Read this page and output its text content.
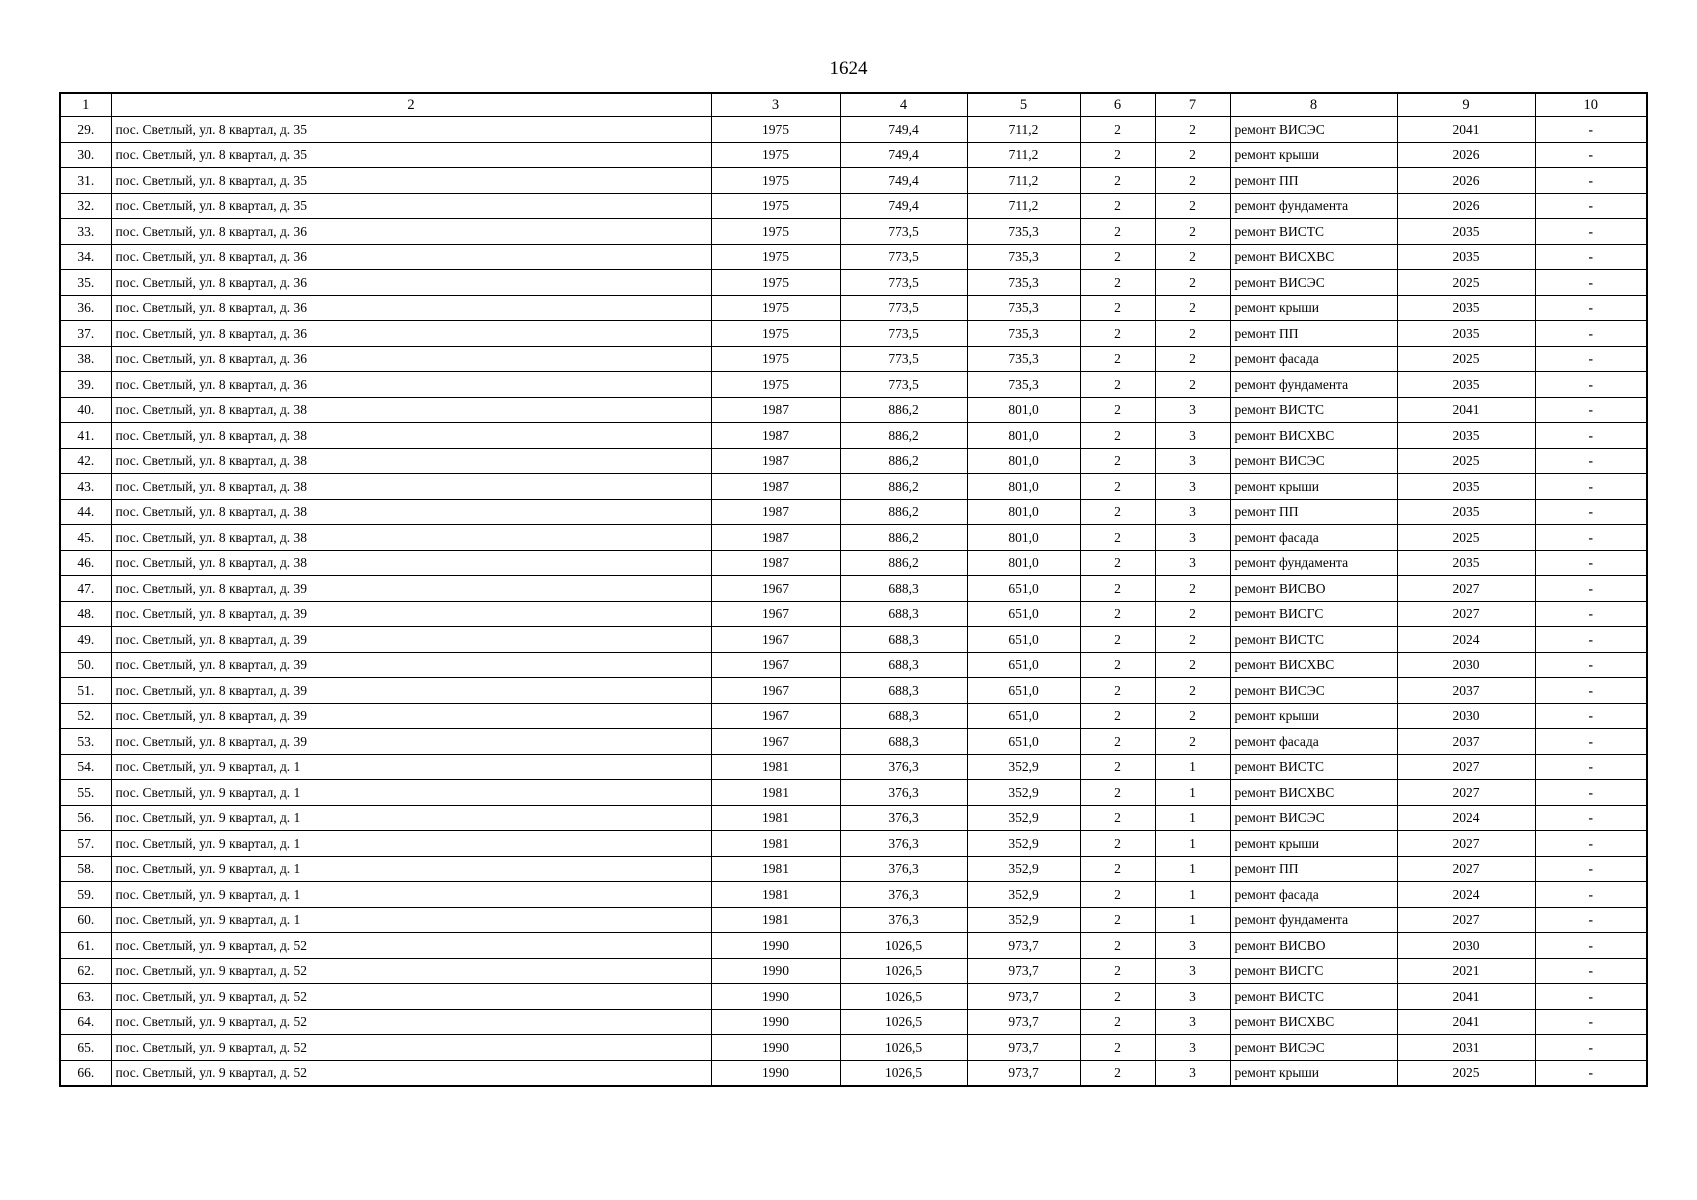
1624
1	2	3	4	5	6	7	8	9	10
29.	пос. Светлый, ул. 8 квартал, д. 35	1975	749,4	711,2	2	2	ремонт ВИСЭС	2041	-
30.	пос. Светлый, ул. 8 квартал, д. 35	1975	749,4	711,2	2	2	ремонт крыши	2026	-
31.	пос. Светлый, ул. 8 квартал, д. 35	1975	749,4	711,2	2	2	ремонт ПП	2026	-
32.	пос. Светлый, ул. 8 квартал, д. 35	1975	749,4	711,2	2	2	ремонт фундамента	2026	-
33.	пос. Светлый, ул. 8 квартал, д. 36	1975	773,5	735,3	2	2	ремонт ВИСТС	2035	-
34.	пос. Светлый, ул. 8 квартал, д. 36	1975	773,5	735,3	2	2	ремонт ВИСХВС	2035	-
35.	пос. Светлый, ул. 8 квартал, д. 36	1975	773,5	735,3	2	2	ремонт ВИСЭС	2025	-
36.	пос. Светлый, ул. 8 квартал, д. 36	1975	773,5	735,3	2	2	ремонт крыши	2035	-
37.	пос. Светлый, ул. 8 квартал, д. 36	1975	773,5	735,3	2	2	ремонт ПП	2035	-
38.	пос. Светлый, ул. 8 квартал, д. 36	1975	773,5	735,3	2	2	ремонт фасада	2025	-
39.	пос. Светлый, ул. 8 квартал, д. 36	1975	773,5	735,3	2	2	ремонт фундамента	2035	-
40.	пос. Светлый, ул. 8 квартал, д. 38	1987	886,2	801,0	2	3	ремонт ВИСТС	2041	-
41.	пос. Светлый, ул. 8 квартал, д. 38	1987	886,2	801,0	2	3	ремонт ВИСХВС	2035	-
42.	пос. Светлый, ул. 8 квартал, д. 38	1987	886,2	801,0	2	3	ремонт ВИСЭС	2025	-
43.	пос. Светлый, ул. 8 квартал, д. 38	1987	886,2	801,0	2	3	ремонт крыши	2035	-
44.	пос. Светлый, ул. 8 квартал, д. 38	1987	886,2	801,0	2	3	ремонт ПП	2035	-
45.	пос. Светлый, ул. 8 квартал, д. 38	1987	886,2	801,0	2	3	ремонт фасада	2025	-
46.	пос. Светлый, ул. 8 квартал, д. 38	1987	886,2	801,0	2	3	ремонт фундамента	2035	-
47.	пос. Светлый, ул. 8 квартал, д. 39	1967	688,3	651,0	2	2	ремонт ВИСВО	2027	-
48.	пос. Светлый, ул. 8 квартал, д. 39	1967	688,3	651,0	2	2	ремонт ВИСГС	2027	-
49.	пос. Светлый, ул. 8 квартал, д. 39	1967	688,3	651,0	2	2	ремонт ВИСТС	2024	-
50.	пос. Светлый, ул. 8 квартал, д. 39	1967	688,3	651,0	2	2	ремонт ВИСХВС	2030	-
51.	пос. Светлый, ул. 8 квартал, д. 39	1967	688,3	651,0	2	2	ремонт ВИСЭС	2037	-
52.	пос. Светлый, ул. 8 квартал, д. 39	1967	688,3	651,0	2	2	ремонт крыши	2030	-
53.	пос. Светлый, ул. 8 квартал, д. 39	1967	688,3	651,0	2	2	ремонт фасада	2037	-
54.	пос. Светлый, ул. 9 квартал, д. 1	1981	376,3	352,9	2	1	ремонт ВИСТС	2027	-
55.	пос. Светлый, ул. 9 квартал, д. 1	1981	376,3	352,9	2	1	ремонт ВИСХВС	2027	-
56.	пос. Светлый, ул. 9 квартал, д. 1	1981	376,3	352,9	2	1	ремонт ВИСЭС	2024	-
57.	пос. Светлый, ул. 9 квартал, д. 1	1981	376,3	352,9	2	1	ремонт крыши	2027	-
58.	пос. Светлый, ул. 9 квартал, д. 1	1981	376,3	352,9	2	1	ремонт ПП	2027	-
59.	пос. Светлый, ул. 9 квартал, д. 1	1981	376,3	352,9	2	1	ремонт фасада	2024	-
60.	пос. Светлый, ул. 9 квартал, д. 1	1981	376,3	352,9	2	1	ремонт фундамента	2027	-
61.	пос. Светлый, ул. 9 квартал, д. 52	1990	1026,5	973,7	2	3	ремонт ВИСВО	2030	-
62.	пос. Светлый, ул. 9 квартал, д. 52	1990	1026,5	973,7	2	3	ремонт ВИСГС	2021	-
63.	пос. Светлый, ул. 9 квартал, д. 52	1990	1026,5	973,7	2	3	ремонт ВИСТС	2041	-
64.	пос. Светлый, ул. 9 квартал, д. 52	1990	1026,5	973,7	2	3	ремонт ВИСХВС	2041	-
65.	пос. Светлый, ул. 9 квартал, д. 52	1990	1026,5	973,7	2	3	ремонт ВИСЭС	2031	-
66.	пос. Светлый, ул. 9 квартал, д. 52	1990	1026,5	973,7	2	3	ремонт крыши	2025	-
